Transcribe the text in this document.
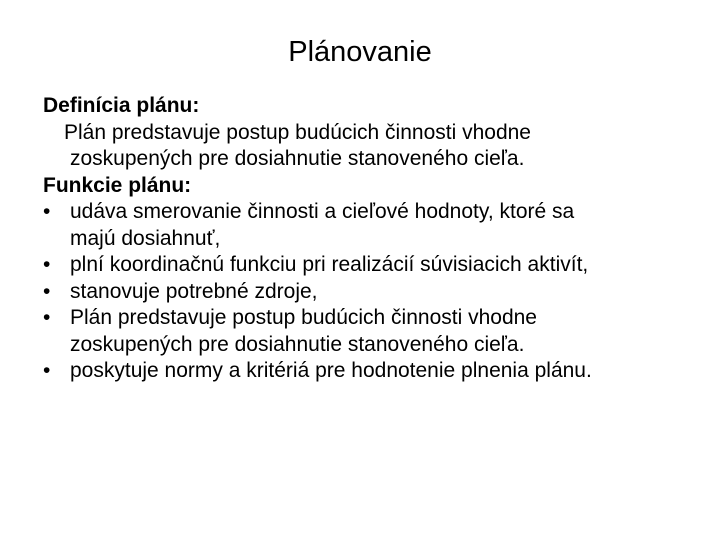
Plánovanie
Definícia plánu:
Plán predstavuje postup budúcich činnosti vhodne
zoskupených pre dosiahnutie stanoveného cieľa.
Funkcie plánu:
• udáva smerovanie činnosti a cieľové hodnoty, ktoré sa
majú dosiahnuť,
• plní koordinačnú funkciu pri realizácií súvisiacich aktivít,
• stanovuje potrebné zdroje,
• Plán predstavuje postup budúcich činnosti vhodne
zoskupených pre dosiahnutie stanoveného cieľa.
• poskytuje normy a kritériá pre hodnotenie plnenia plánu.
